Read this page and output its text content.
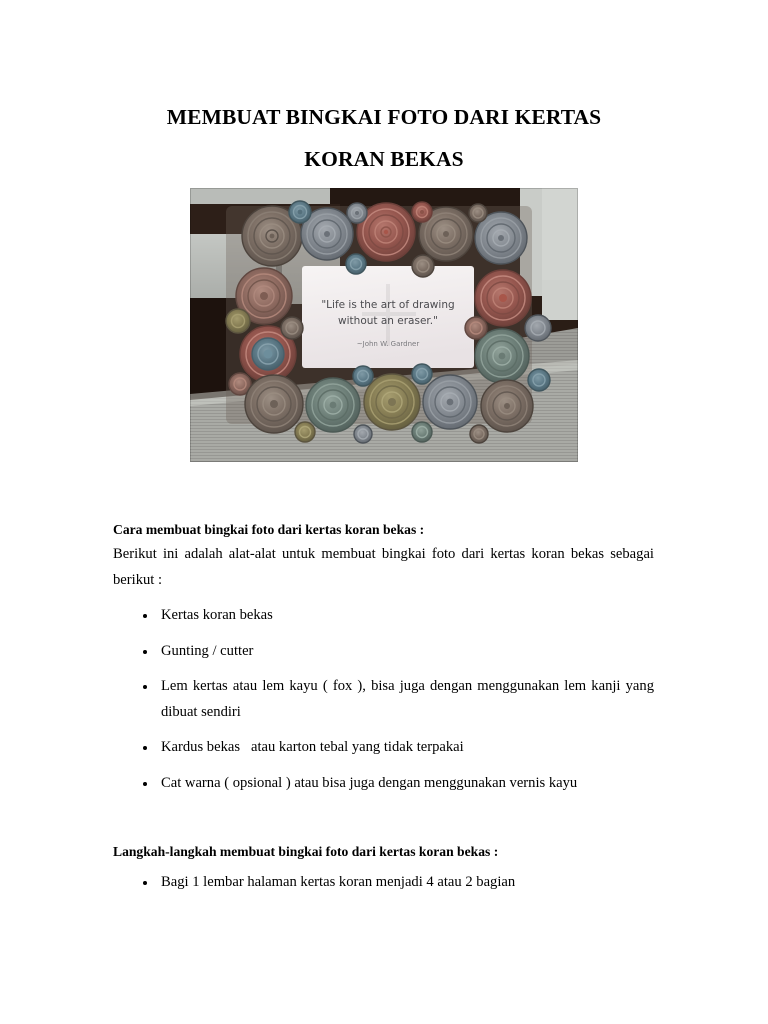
MEMBUAT BINGKAI FOTO DARI KERTAS
KORAN BEKAS
"Life is the art of drawing
without an eraser."
~John W. Gardner

Cara membuat bingkai foto dari kertas koran bekas :

Berikut ini adalah alat-alat untuk membuat bingkai foto dari kertas koran bekas sebagai berikut :

Kertas koran bekas
Gunting / cutter
Lem kertas atau lem kayu ( fox ), bisa juga dengan menggunakan lem kanji yang dibuat sendiri
Kardus bekas   atau karton tebal yang tidak terpakai
Cat warna ( opsional ) atau bisa juga dengan menggunakan vernis kayu

Langkah-langkah membuat bingkai foto dari kertas koran bekas :

Bagi 1 lembar halaman kertas koran menjadi 4 atau 2 bagian
